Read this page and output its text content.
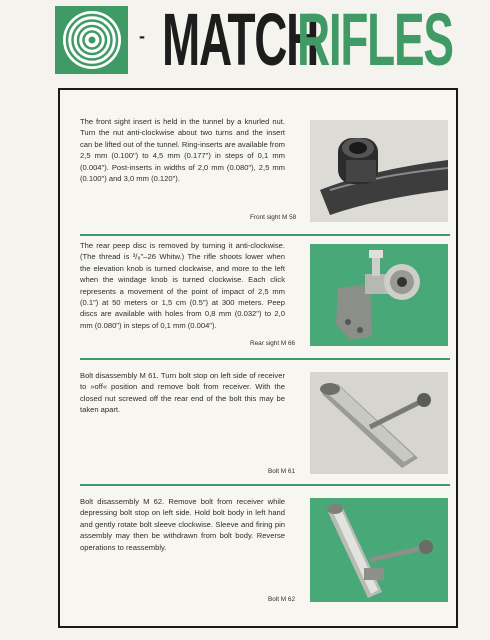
- MATCH
RIFLES
The front sight insert is held in the tunnel by a knurled nut. Turn the nut anti-clockwise about two turns and the insert can be lifted out of the tunnel. Ring-inserts are available from 2,5 mm (0.100") to 4,5 mm (0.177") in steps of 0,1 mm (0.004"). Post-inserts in widths of 2,0 mm (0.080"), 2,5 mm (0.100") and 3,0 mm (0.120").
Front sight M 58
The rear peep disc is removed by turning it anti-clockwise. (The thread is ³/₈"–26 Whitw.) The rifle shoots lower when the elevation knob is turned clockwise, and more to the left when the windage knob is turned clockwise. Each click represents a movement of the point of impact of 2,5 mm (0.1") at 50 meters or 1,5 cm (0.5") at 300 meters. Peep discs are available with holes from 0,8 mm (0.032") to 2,0 mm (0.080") in steps of 0,1 mm (0.004").
Rear sight M 66
Bolt disassembly M 61. Turn bolt stop on left side of receiver to »off« position and remove bolt from receiver. With the closed nut screwed off the rear end of the bolt this may be taken apart.
Bolt M 61
Bolt disassembly M 62. Remove bolt from receiver while depressing bolt stop on left side. Hold bolt body in left hand and gently rotate bolt sleeve clockwise. Sleeve and firing pin assembly may then be withdrawn from bolt body. Reverse operations to reassembly.
Bolt M 62
